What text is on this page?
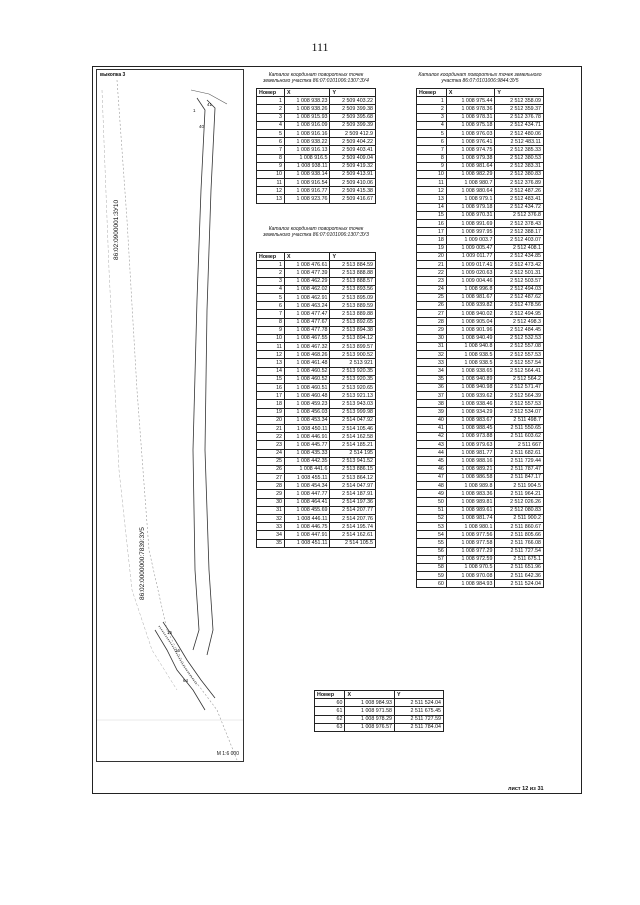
111
выкопка 3
86:02:0900001:3У10
86:02:0000000:7839:3У5
41
1
40
15
16
64
М 1:6 000
Каталог координат поворотных точек земельного участка 86:07:0101006:1307:ЗУ4
Номер	X	Y
1	1 008 938.23	2 509 403.22
2	1 008 938.26	2 509 399.38
3	1 008 915.93	2 509 395.68
4	1 008 916.09	2 509 399.39
5	1 008 916.16	2 509 412.9
6	1 008 938.22	2 509 404.22
7	1 008 916.13	2 509 403.41
8	1 008 916.5	2 509 409.04
9	1 008 938.11	2 509 419.32
10	1 008 938.14	2 509 413.91
11	1 008 916.54	2 509 410.06
12	1 008 916.77	2 509 415.38
13	1 008 923.76	2 509 416.67
Каталог координат поворотных точек земельного участка 86:07:0101006:1307:ЗУ3
Номер	X	Y
1	1 008 476.61	2 513 884.59
2	1 008 477.39	2 513 888.88
3	1 008 462.29	2 513 888.57
4	1 008 462.02	2 513 893.56
5	1 008 462.91	2 513 895.09
6	1 008 463.24	2 513 889.59
7	1 008 477.47	2 513 889.88
8	1 008 477.67	2 513 892.65
9	1 008 477.78	2 513 894.38
10	1 008 467.55	2 513 894.12
11	1 008 467.32	2 513 899.57
12	1 008 468.26	2 513 900.52
13	1 008 461.48	2 513 921
14	1 008 460.52	2 513 920.35
15	1 008 460.52	2 513 920.35
16	1 008 460.51	2 513 920.65
17	1 008 460.48	2 513 921.13
18	1 008 459.23	2 513 943.03
19	1 008 456.03	2 513 999.98
20	1 008 453.34	2 514 047.92
21	1 008 450.11	2 514 105.46
22	1 008 446.91	2 514 162.58
23	1 008 445.77	2 514 185.21
24	1 008 435.33	2 514 195
25	1 008 442.35	2 513 941.52
26	1 008 441.6	2 513 886.15
27	1 008 455.11	2 513 864.12
28	1 008 454.34	2 514 047.97
29	1 008 447.77	2 514 187.91
30	1 008 464.41	2 514 197.36
31	1 008 455.69	2 514 207.77
32	1 008 446.11	2 514 207.76
33	1 008 446.75	2 514 195.74
34	1 008 447.91	2 514 162.61
35	1 008 451.11	2 514 105.5
Каталог координат поворотных точек земельного участка 86:07:0101006:9844:ЗУ5
Номер	X	Y
1	1 008 975.44	2 512 358.09
2	1 008 978.36	2 512 359.37
3	1 008 978.31	2 512 376.78
4	1 008 975.18	2 512 434.71
5	1 008 976.03	2 512 480.06
6	1 008 976.41	2 512 483.11
7	1 008 974.75	2 512 385.33
8	1 008 979.38	2 512 380.53
9	1 008 981.64	2 512 383.31
10	1 008 982.29	2 512 380.83
11	1 008 980.7	2 512 376.89
12	1 008 980.64	2 512 487.26
13	1 008 979.1	2 512 483.41
14	1 008 979.18	2 512 434.72
15	1 008 970.31	2 512 376.8
16	1 008 991.69	2 512 378.43
17	1 008 997.95	2 512 388.17
18	1 009 003.7	2 512 403.07
19	1 009 005.47	2 512 408.1
20	1 009 011.77	2 512 434.85
21	1 009 017.41	2 512 473.42
22	1 009 020.63	2 512 501.31
23	1 009 004.46	2 512 503.57
24	1 008 996.8	2 512 494.03
25	1 008 981.67	2 512 487.62
26	1 008 939.82	2 512 478.56
27	1 008 940.02	2 512 494.95
28	1 008 905.04	2 512 498.3
29	1 008 901.96	2 512 484.45
30	1 008 940.49	2 512 532.53
31	1 008 940.8	2 512 557.08
32	1 008 938.5	2 512 557.53
33	1 008 938.5	2 512 557.54
34	1 008 938.65	2 512 564.41
35	1 008 940.89	2 512 564.2
36	1 008 940.98	2 512 571.47
37	1 008 939.62	2 512 564.39
38	1 008 938.46	2 512 557.53
39	1 008 934.29	2 512 534.07
40	1 008 983.67	2 511 498.7
41	1 008 988.45	2 511 550.65
42	1 008 973.88	2 511 603.62
43	1 008 979.63	2 511 667
44	1 008 981.77	2 511 682.61
45	1 008 988.16	2 511 729.44
46	1 008 989.21	2 511 787.47
47	1 008 986.58	2 511 847.17
48	1 008 989.8	2 511 904.5
49	1 008 983.36	2 511 964.21
50	1 008 989.81	2 512 026.26
51	1 008 989.61	2 512 080.83
52	1 008 981.74	2 511 900.2
53	1 008 980.1	2 511 860.67
54	1 008 977.56	2 511 805.66
55	1 008 977.58	2 511 766.08
56	1 008 977.29	2 511 727.54
57	1 008 972.59	2 511 675.1
58	1 008 970.5	2 511 651.96
59	1 008 970.08	2 511 642.36
60	1 008 984.93	2 511 524.04
Номер	X	Y
60	1 008 984.93	2 511 524.04
61	1 008 971.58	2 511 675.45
62	1 008 978.29	2 511 727.59
63	1 008 976.57	2 511 784.04
лист 12 из 31
